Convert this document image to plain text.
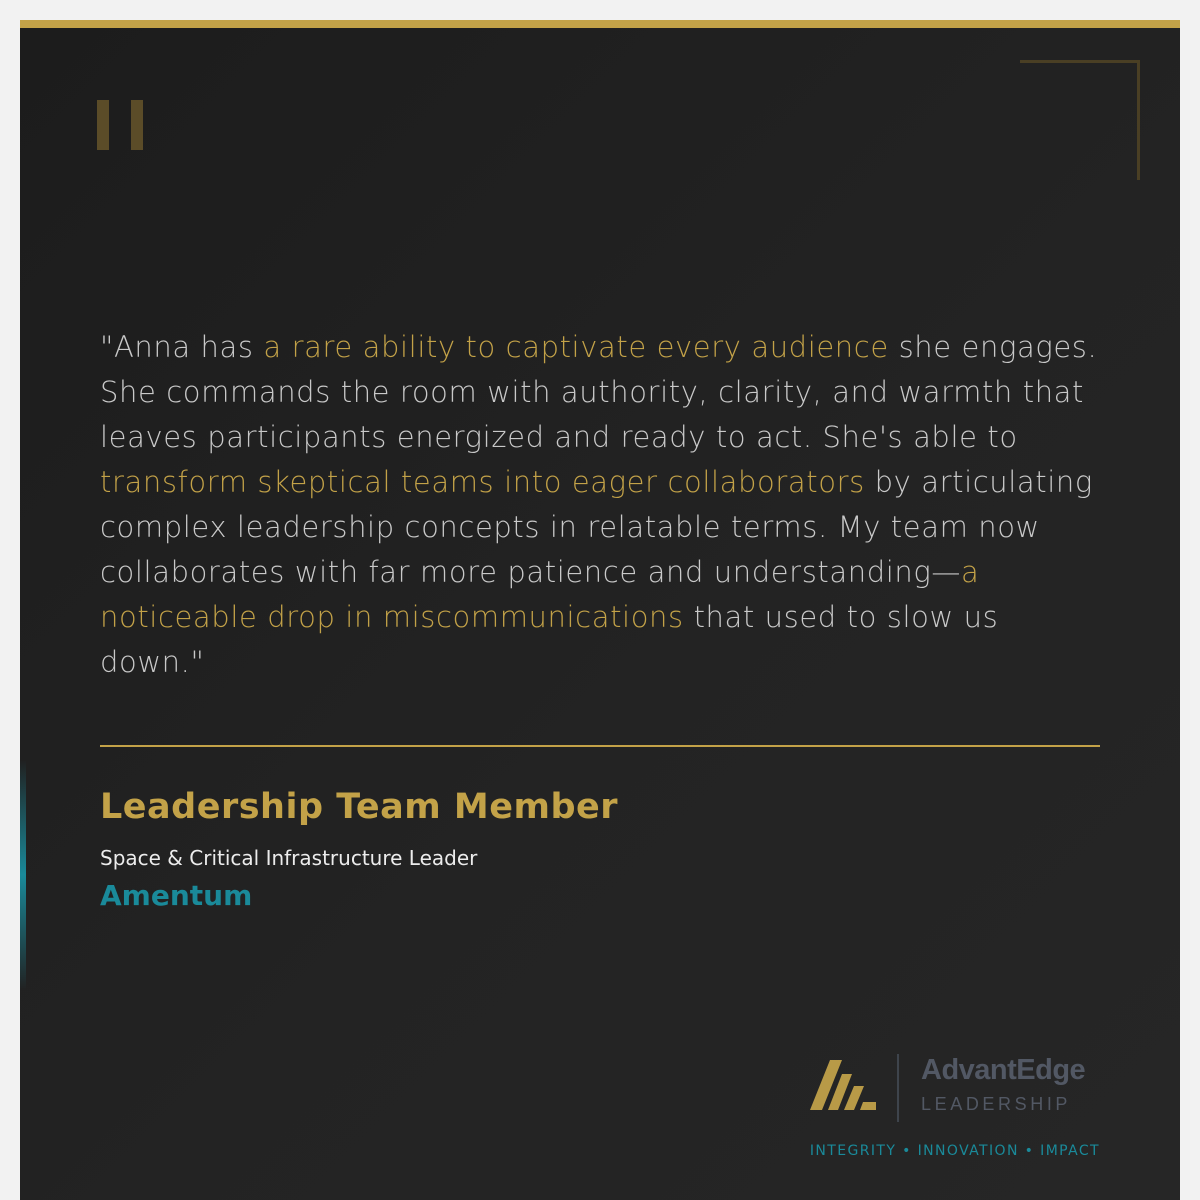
"Anna has a rare ability to captivate every audience she engages. She commands the room with authority, clarity, and warmth that leaves participants energized and ready to act. She's able to transform skeptical teams into eager collaborators by articulating complex leadership concepts in relatable terms. My team now collaborates with far more patience and understanding—a noticeable drop in miscommunications that used to slow us down."

Leadership Team Member
Space & Critical Infrastructure Leader
Amentum
AdvantEdge
LEADERSHIP
INTEGRITY • INNOVATION • IMPACT
